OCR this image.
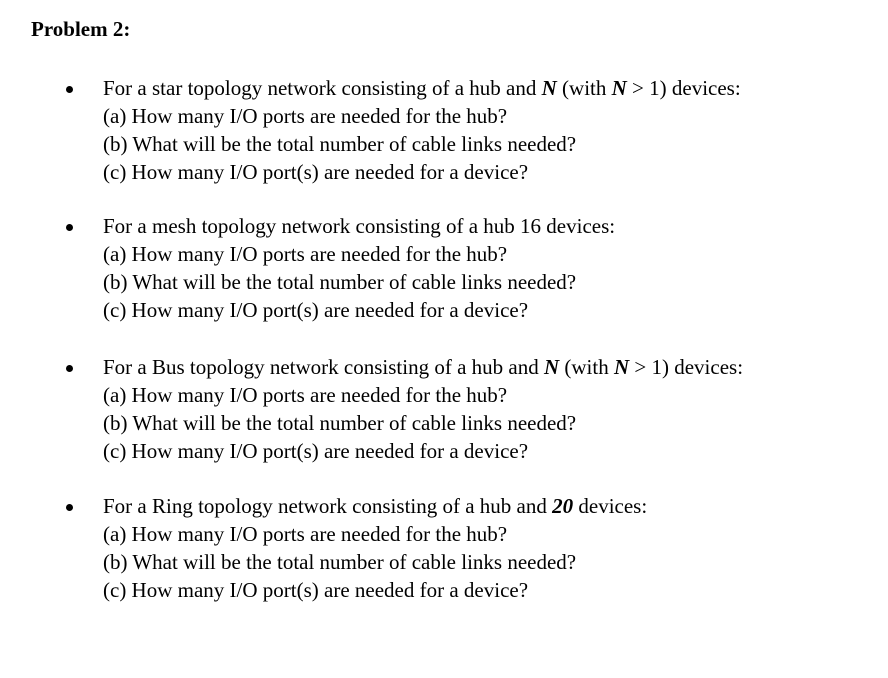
Problem 2:
For a star topology network consisting of a hub and N (with N > 1) devices:
(a) How many I/O ports are needed for the hub?
(b) What will be the total number of cable links needed?
(c) How many I/O port(s) are needed for a device?
For a mesh topology network consisting of a hub 16 devices:
(a) How many I/O ports are needed for the hub?
(b) What will be the total number of cable links needed?
(c) How many I/O port(s) are needed for a device?
For a Bus topology network consisting of a hub and N (with N > 1) devices:
(a) How many I/O ports are needed for the hub?
(b) What will be the total number of cable links needed?
(c) How many I/O port(s) are needed for a device?
For a Ring topology network consisting of a hub and 20 devices:
(a) How many I/O ports are needed for the hub?
(b) What will be the total number of cable links needed?
(c) How many I/O port(s) are needed for a device?
